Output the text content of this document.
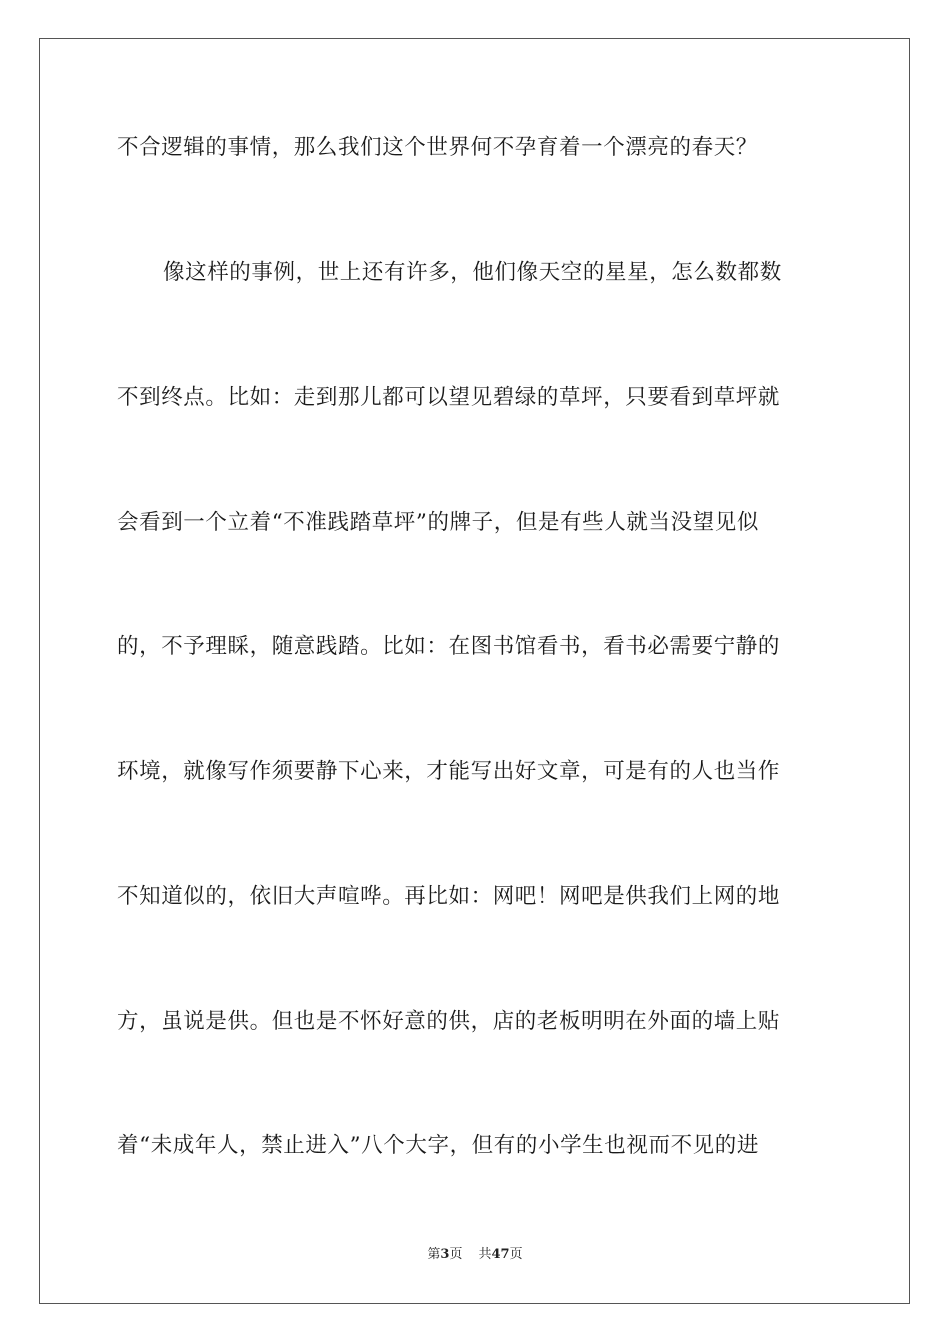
不合逻辑的事情，那么我们这个世界何不孕育着一个漂亮的春天？
像这样的事例，世上还有许多，他们像天空的星星，怎么数都数
不到终点。比如：走到那儿都可以望见碧绿的草坪，只要看到草坪就
会看到一个立着“不准践踏草坪”的牌子，但是有些人就当没望见似
的，不予理睬，随意践踏。比如：在图书馆看书，看书必需要宁静的
环境，就像写作须要静下心来，才能写出好文章，可是有的人也当作
不知道似的，依旧大声喧哗。再比如：网吧！网吧是供我们上网的地
方，虽说是供。但也是不怀好意的供，店的老板明明在外面的墙上贴
着“未成年人，禁止进入”八个大字，但有的小学生也视而不见的进
第3页 共47页
